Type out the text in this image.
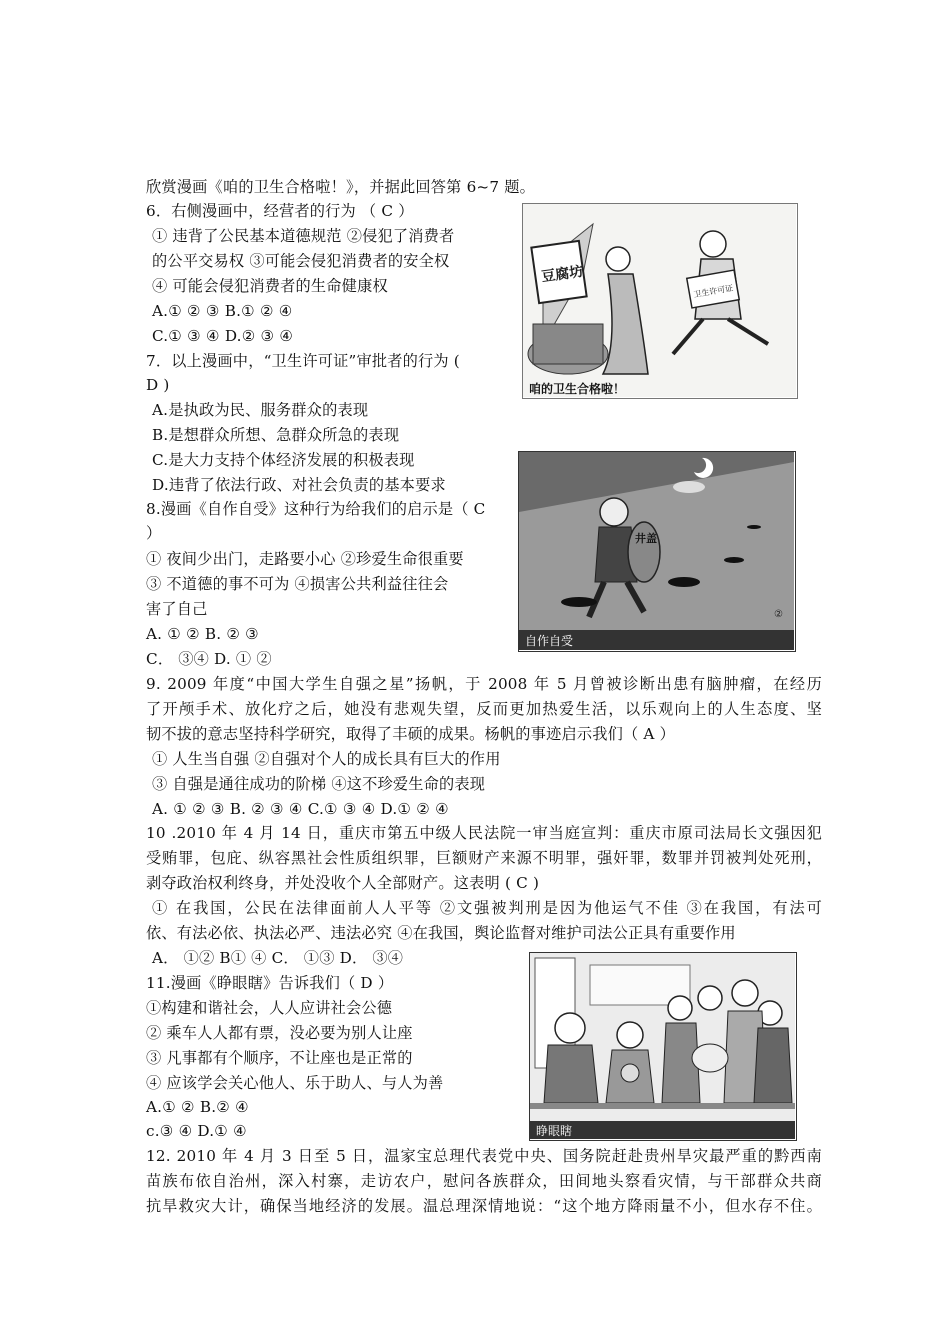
欣赏漫画《咱的卫生合格啦！》，并据此回答第 6~7 题。
6．右侧漫画中，经营者的行为 （ C ）
① 违背了公民基本道德规范 ②侵犯了消费者
的公平交易权 ③可能会侵犯消费者的安全权
④ 可能会侵犯消费者的生命健康权
A.① ② ③ B.① ② ④
C.① ③ ④ D.② ③ ④
7．以上漫画中，“卫生许可证”审批者的行为 (
D )
A.是执政为民、服务群众的表现
B.是想群众所想、急群众所急的表现
C.是大力支持个体经济发展的积极表现
D.违背了依法行政、对社会负责的基本要求
8.漫画《自作自受》这种行为给我们的启示是（ C
）
① 夜间少出门，走路要小心 ②珍爱生命很重要
③ 不道德的事不可为 ④损害公共利益往往会
害了自己
A. ① ② B. ② ③
C． ③④ D. ① ②
9. 2009 年度“中国大学生自强之星”扬帆，于 2008 年 5 月曾被诊断出患有脑肿瘤，在经历
了开颅手术、放化疗之后，她没有悲观失望，反而更加热爱生活，以乐观向上的人生态度、坚
韧不拔的意志坚持科学研究，取得了丰硕的成果。杨帆的事迹启示我们（ A ）
① 人生当自强 ②自强对个人的成长具有巨大的作用
③ 自强是通往成功的阶梯 ④这不珍爱生命的表现
A. ① ② ③ B. ② ③ ④ C.① ③ ④ D.① ② ④
10 .2010 年 4 月 14 日，重庆市第五中级人民法院一审当庭宣判：重庆市原司法局长文强因犯
受贿罪，包庇、纵容黑社会性质组织罪，巨额财产来源不明罪，强奸罪，数罪并罚被判处死刑，
剥夺政治权利终身，并处没收个人全部财产。这表明 ( C )
① 在我国，公民在法律面前人人平等 ②文强被判刑是因为他运气不佳 ③在我国，有法可
依、有法必依、执法必严、违法必究 ④在我国，舆论监督对维护司法公正具有重要作用
A． ①② B① ④ C． ①③ D． ③④
11.漫画《睁眼瞎》告诉我们（ D ）
①构建和谐社会，人人应讲社会公德
② 乘车人人都有票，没必要为别人让座
③ 凡事都有个顺序，不让座也是正常的
④ 应该学会关心他人、乐于助人、与人为善
A.① ② B.② ④
c.③ ④ D.① ④
12. 2010 年 4 月 3 日至 5 日，温家宝总理代表党中央、国务院赶赴贵州旱灾最严重的黔西南
苗族布依自治州，深入村寨，走访农户，慰问各族群众，田间地头察看灾情，与干部群众共商
抗旱救灾大计，确保当地经济的发展。温总理深情地说：“这个地方降雨量不小，但水存不住。
豆腐坊
卫生许可证
咱的卫生合格啦！
井盖
②
自作自受
睁眼瞎
